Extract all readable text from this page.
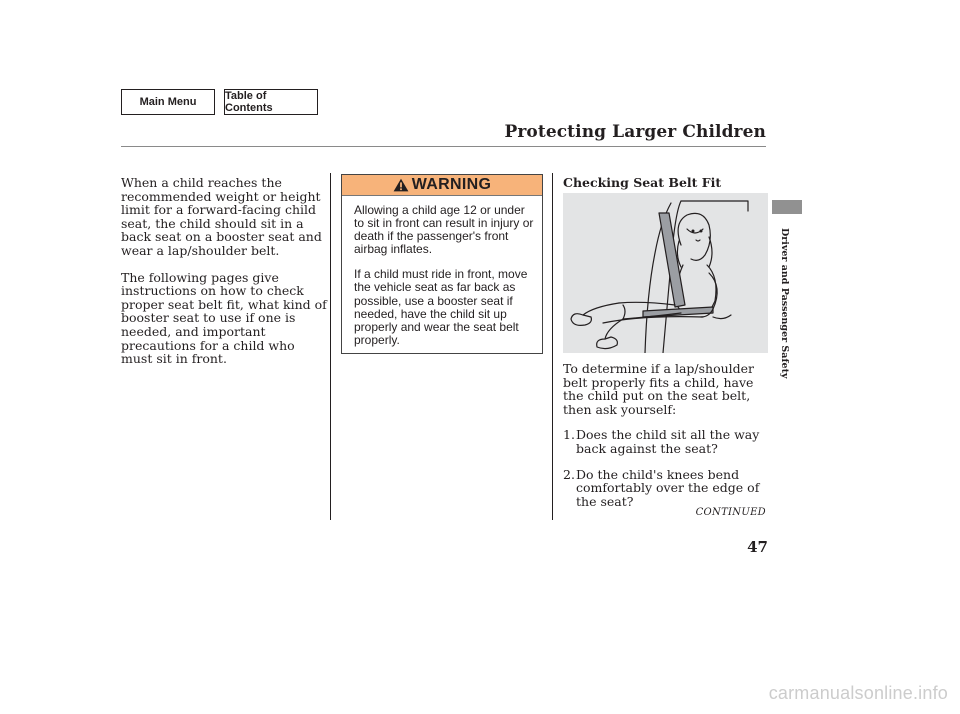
Main Menu	Table of Contents
Protecting Larger Children

When a child reaches the recommended weight or height limit for a forward-facing child seat, the child should sit in a back seat on a booster seat and wear a lap/shoulder belt.

The following pages give instructions on how to check proper seat belt fit, what kind of booster seat to use if one is needed, and important precautions for a child who must sit in front.

WARNING

Allowing a child age 12 or under to sit in front can result in injury or death if the passenger's front airbag inflates.

If a child must ride in front, move the vehicle seat as far back as possible, use a booster seat if needed, have the child sit up properly and wear the seat belt properly.

Checking Seat Belt Fit

To determine if a lap/shoulder belt properly fits a child, have the child put on the seat belt, then ask yourself:

1. Does the child sit all the way back against the seat?
2. Do the child's knees bend comfortably over the edge of the seat?
CONTINUED
47
Driver and Passenger Safety
carmanualsonline.info
